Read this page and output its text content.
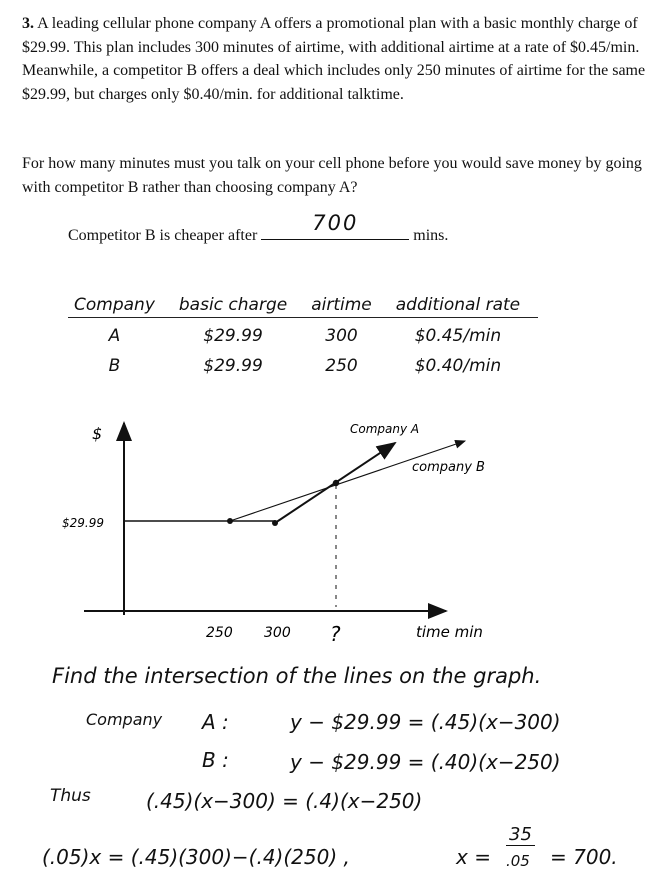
3. A leading cellular phone company A offers a promotional plan with a basic monthly charge of $29.99. This plan includes 300 minutes of airtime, with additional airtime at a rate of $0.45/min. Meanwhile, a competitor B offers a deal which includes only 250 minutes of airtime for the same $29.99, but charges only $0.40/min. for additional talktime.

For how many minutes must you talk on your cell phone before you would save money by going with competitor B rather than choosing company A?
Competitor B is cheaper after
700
mins.
Company	basic charge	airtime	additional rate
A	$29.99	300	$0.45/min
B	$29.99	250	$0.40/min
$
$29.99
250 300 ?	time min
Company A
company B
Find the intersection of the lines on the graph.
Company A :	y − $29.99 = (.45)(x−300)
B :	y − $29.99 = (.40)(x−250)
Thus	(.45)(x−300) = (.4)(x−250)
(.05)x = (.45)(300)−(.4)(250) ,	x =
35
.05 = 700.
